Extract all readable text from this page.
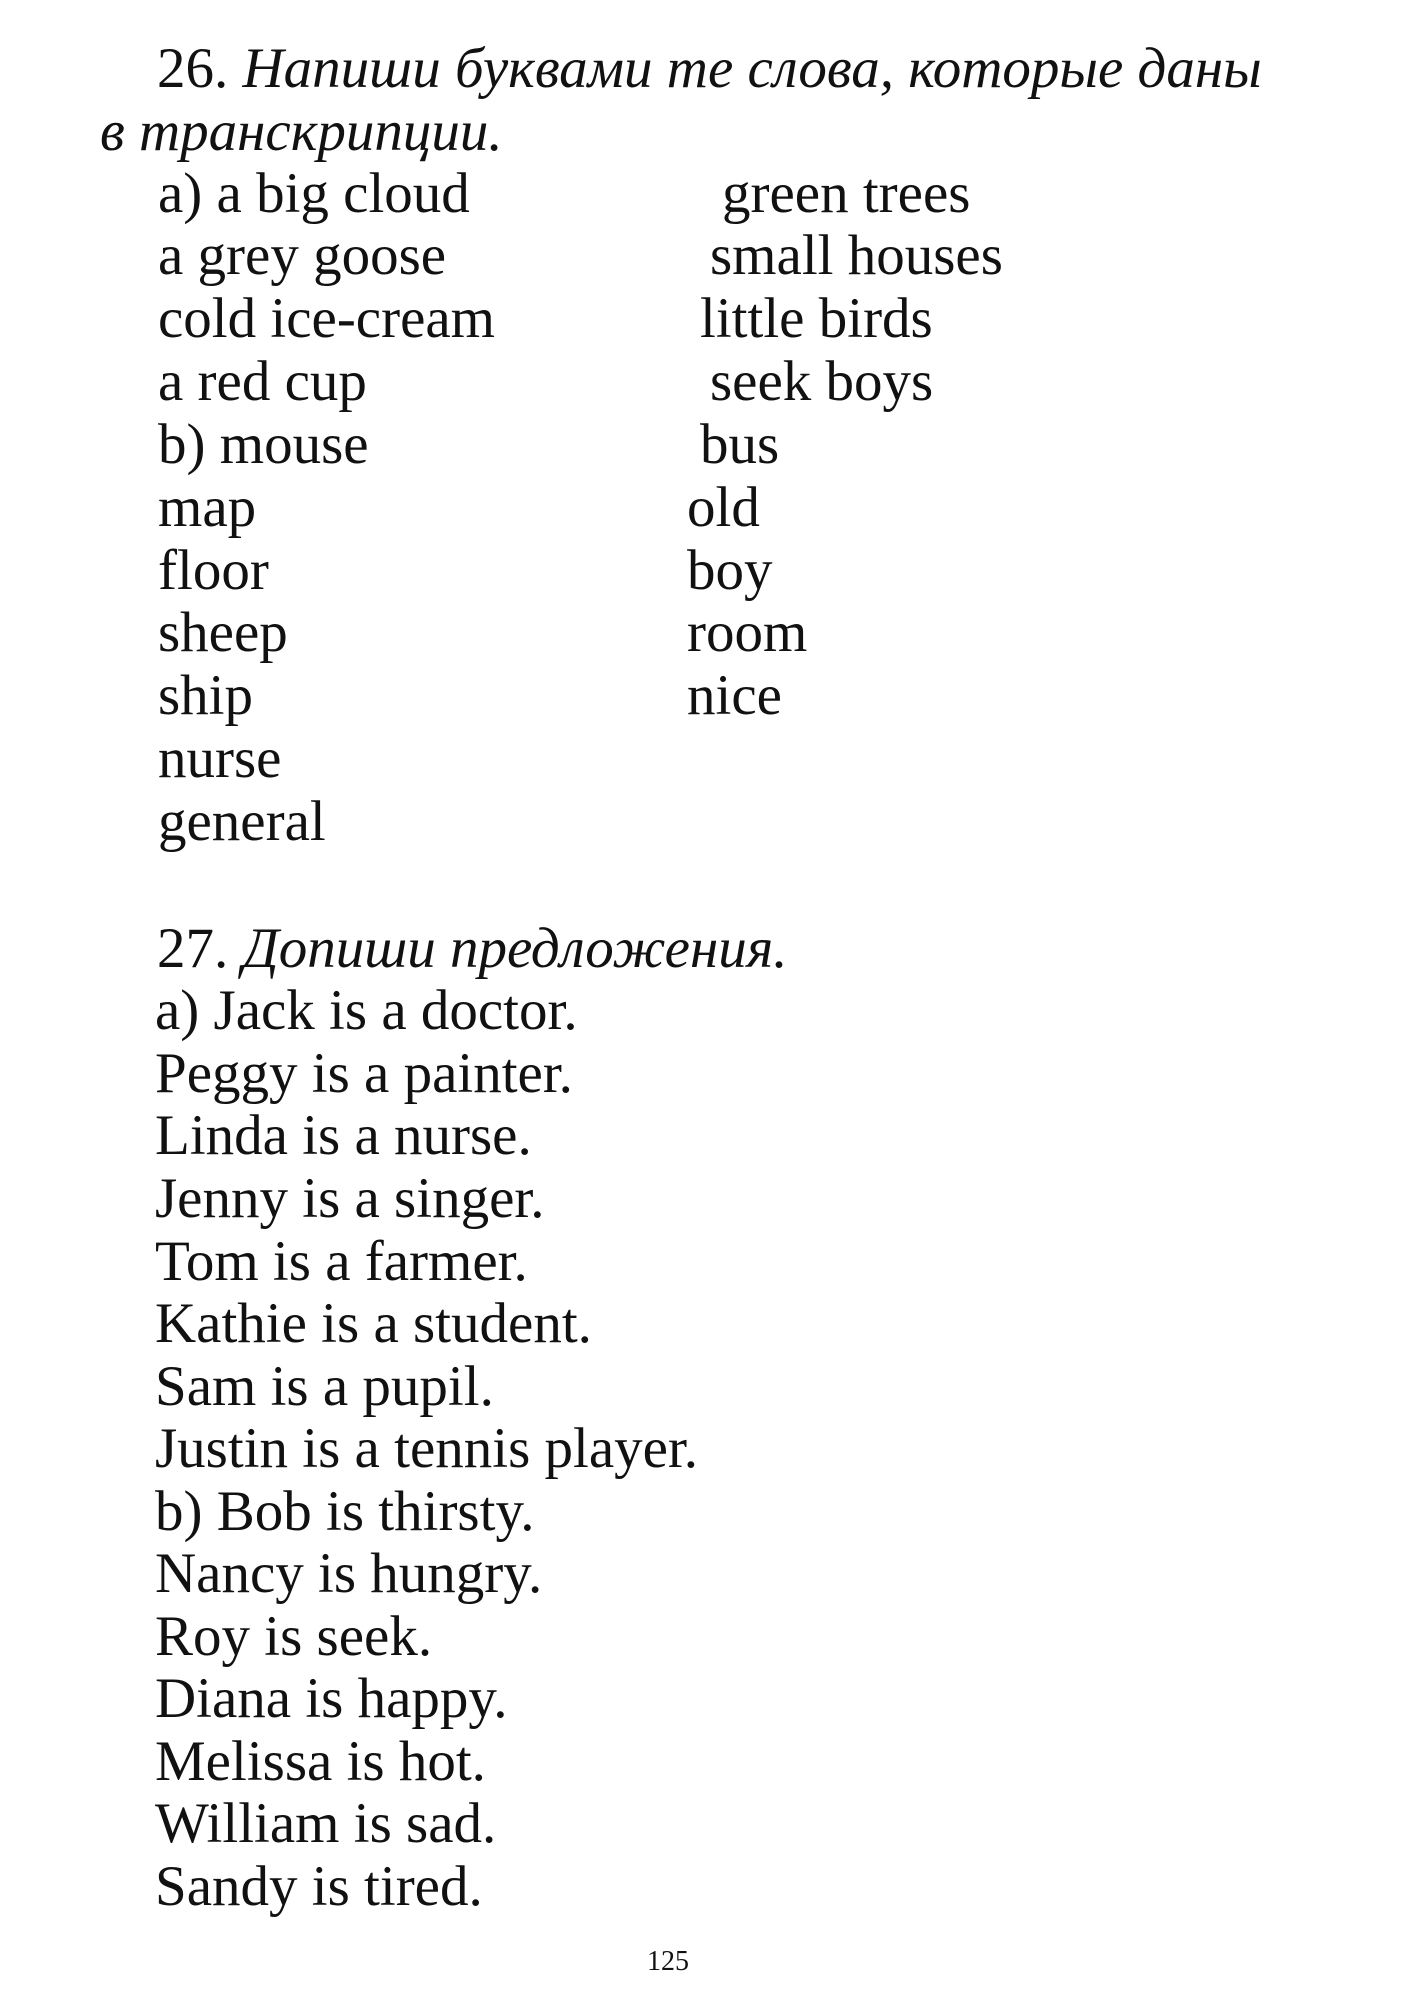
26. Напиши буквами те слова, которые даны
в транскрипции.
a) a big cloud
a grey goose
cold ice-cream
a red cup
b) mouse
map
floor
sheep
ship
nurse
general
green trees
small houses
little birds
seek boys
bus
old
boy
room
nice
27. Допиши предложения.
a) Jack is a doctor.
Peggy is a painter.
Linda is a nurse.
Jenny is a singer.
Tom is a farmer.
Kathie is a student.
Sam is a pupil.
Justin is a tennis player.
b) Bob is thirsty.
Nancy is hungry.
Roy is seek.
Diana is happy.
Melissa is hot.
William is sad.
Sandy is tired.
125
